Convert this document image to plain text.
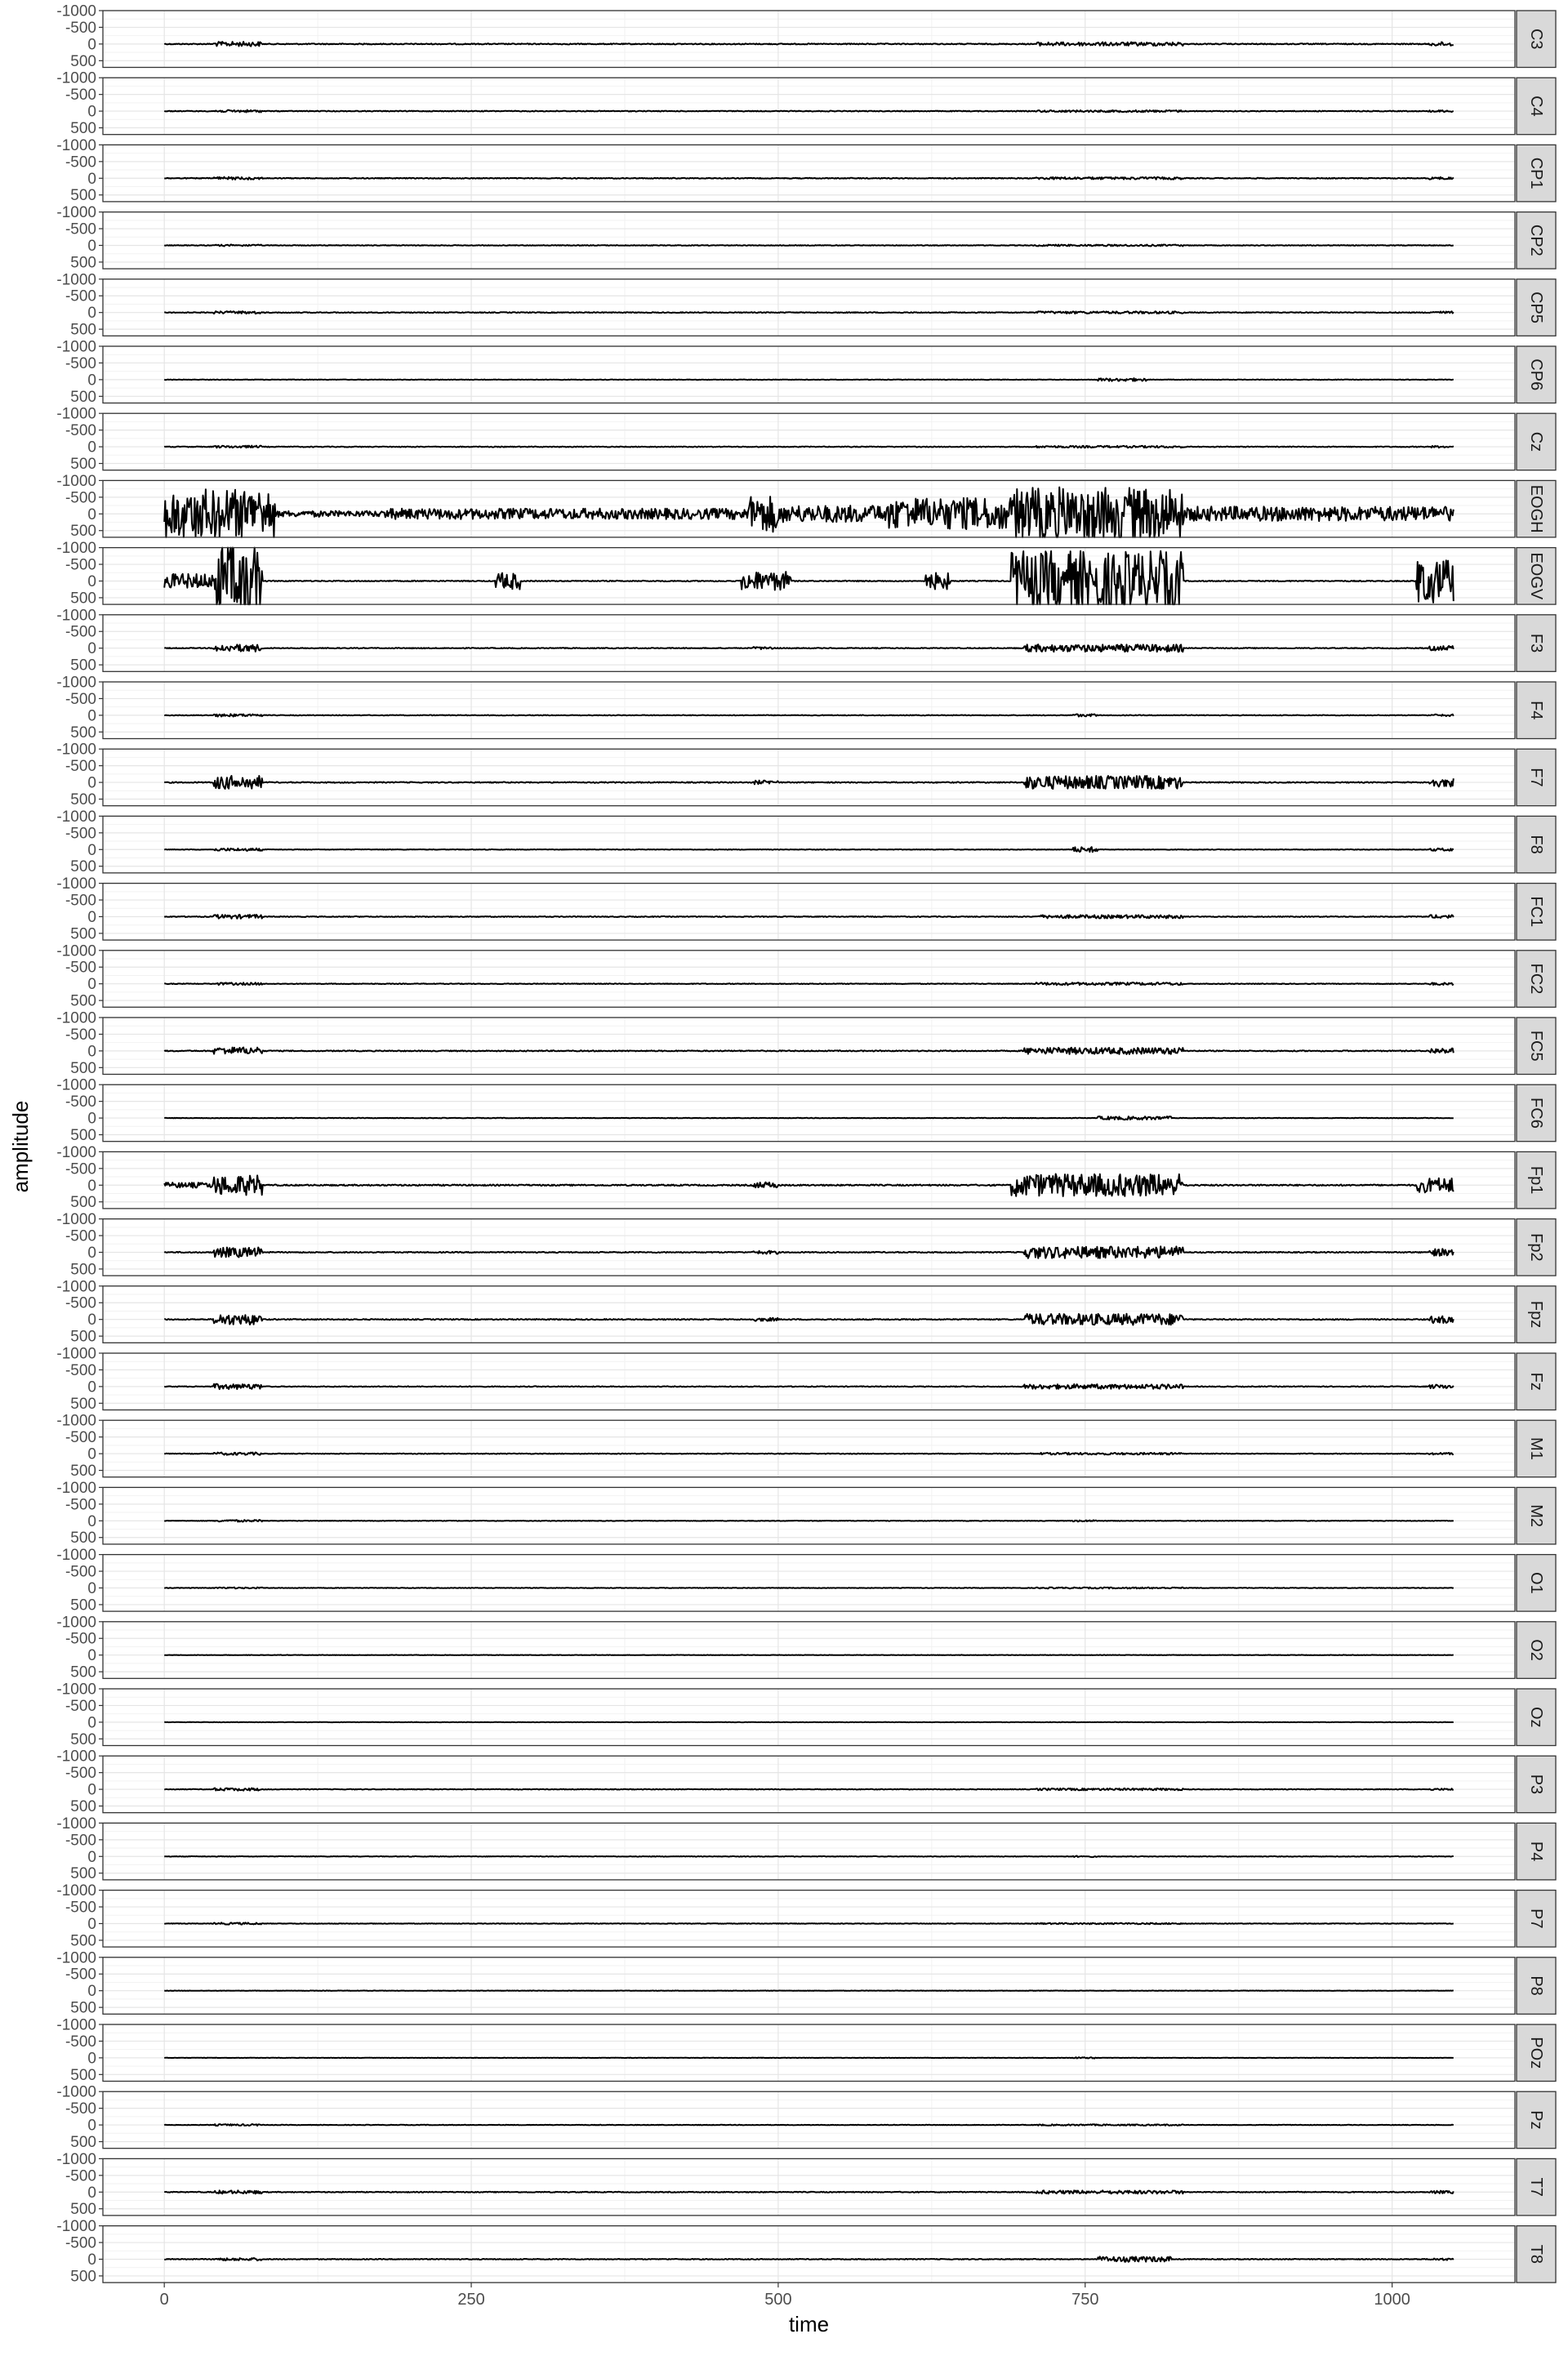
-1000
-500
0
500
C3
-1000
-500
0
500
C4
-1000
-500
0
500
CP1
-1000
-500
0
500
CP2
-1000
-500
0
500
CP5
-1000
-500
0
500
CP6
-1000
-500
0
500
Cz
-1000
-500
0
500	EOGH
-1000
-500
0
500	EOGV
-1000
-500
0
500
F3
-1000
-500
0
500
F4
-1000
-500
0
500
F7
-1000
-500
0
500
F8
-1000
-500
0
500
FC1
-1000
-500
0
500
FC2
-1000
-500
0
500
FC5
-1000
-500
0
500
FC6
-1000
-500
0
500
Fp1
-1000
-500
0
500
Fp2
-1000
-500
0
500
Fpz
-1000
-500
0
500
Fz
-1000
-500
0
500
M1
-1000
-500
0
500
M2
-1000
-500
0
500
O1
-1000
-500
0
500
O2
-1000
-500
0
500
Oz
-1000
-500
0
500
P3
-1000
-500
0
500
P4
-1000
-500
0
500
P7
-1000
-500
0
500
P8
-1000
-500
0
500
POz
-1000
-500
0
500
Pz
-1000
-500
0
500
T7
-1000
-500
0
500
T8
0	250	500	750	1000
time
amplitude
